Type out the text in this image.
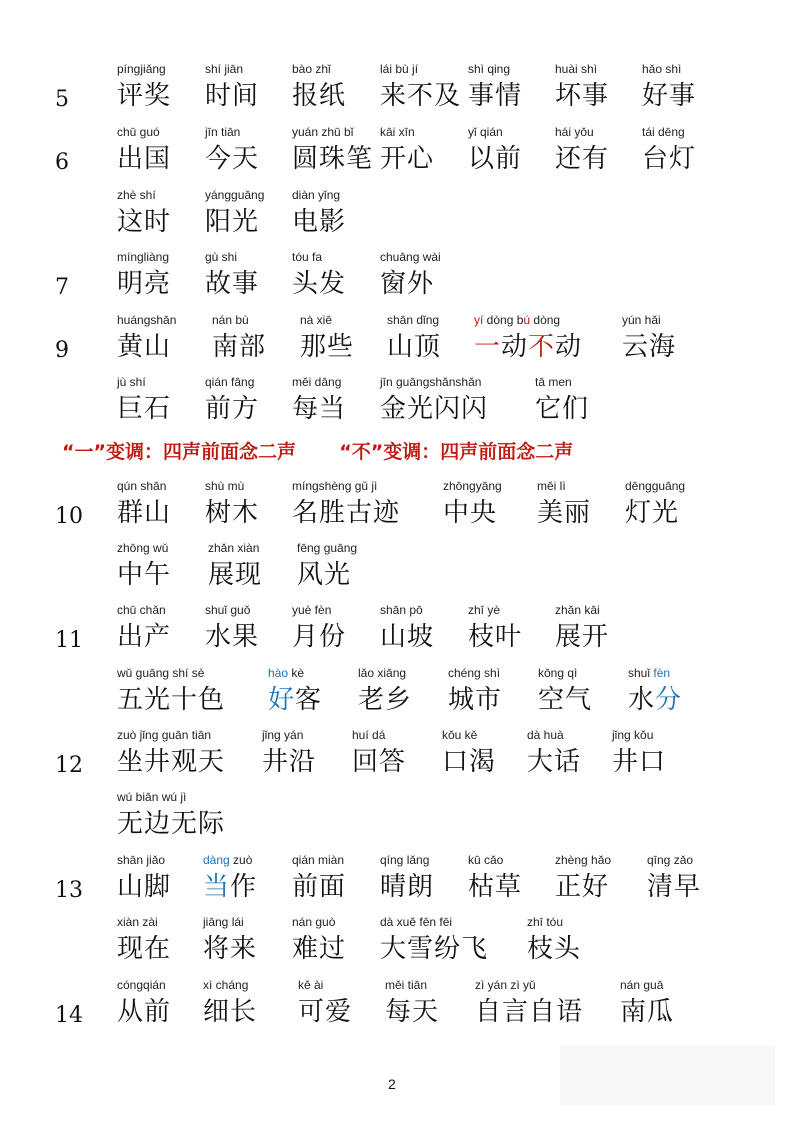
5
píngjiǎng
评奖
shí jiān
时间
bào zhǐ
报纸
lái bù jí
来不及
shì qing
事情
huài shì
坏事
hǎo shì
好事
6
chū guó
出国
jīn tiān
今天
yuán zhū bǐ
圆珠笔
kāi xīn
开心
yǐ qián
以前
hái yǒu
还有
tái dēng
台灯
zhè shí
这时
yángguāng
阳光
diàn yǐng
电影
7
míngliàng
明亮
gù shi
故事
tóu fa
头发
chuāng wài
窗外
9
huángshān
黄山
nán bù
南部
nà xiē
那些
shān dǐng
山顶
yí dòng bú dòng
一动不动
yún hǎi
云海
jù shí
巨石
qián fāng
前方
měi dāng
每当
jīn guāngshǎnshǎn
金光闪闪
tā men
它们
10
qún shān
群山
shù mù
树木
míngshèng gǔ jì
名胜古迹
zhōngyāng
中央
měi lì
美丽
dēngguāng
灯光
zhōng wǔ
中午
zhǎn xiàn
展现
fēng guāng
风光
11
chū chǎn
出产
shuǐ guǒ
水果
yuè fèn
月份
shān pō
山坡
zhī yè
枝叶
zhǎn kāi
展开
wǔ guāng shí sè
五光十色
hào kè
好客
lǎo xiāng
老乡
chéng shì
城市
kōng qì
空气
shuǐ fèn
水分
12
zuò jǐng guān tiān
坐井观天
jǐng yán
井沿
huí dá
回答
kǒu kě
口渴
dà huà
大话
jǐng kǒu
井口
wú biān wú jì
无边无际
13
shān jiǎo
山脚
dàng zuò
当作
qián miàn
前面
qíng lǎng
晴朗
kū cǎo
枯草
zhèng hǎo
正好
qīng zǎo
清早
xiàn zài
现在
jiāng lái
将来
nán guò
难过
dà xuě fēn fēi
大雪纷飞
zhī tóu
枝头
14
cóngqián
从前
xì cháng
细长
kě ài
可爱
měi tiān
每天
zì yán zì yǔ
自言自语
nán guā
南瓜
“一”变调：四声前面念二声 “不”变调：四声前面念二声
2
